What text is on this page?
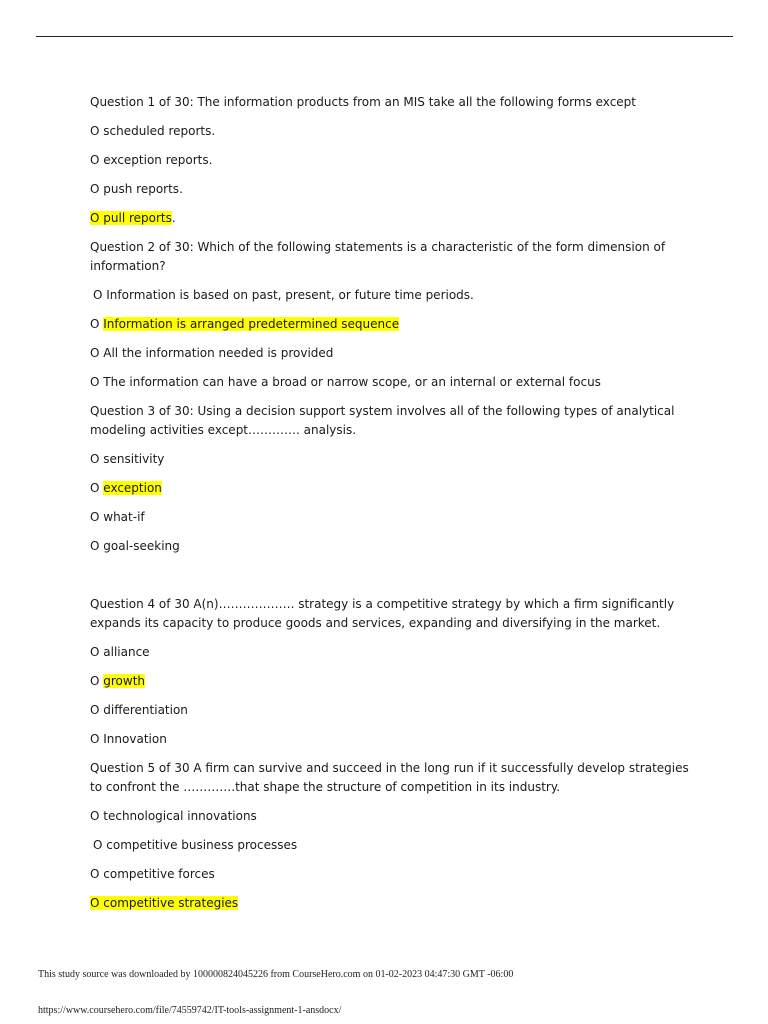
Question 1 of 30: The information products from an MIS take all the following forms except

O scheduled reports.

O exception reports.

O push reports.

O pull reports.

Question 2 of 30: Which of the following statements is a characteristic of the form dimension of information?

O Information is based on past, present, or future time periods.

O Information is arranged predetermined sequence

O All the information needed is provided

O The information can have a broad or narrow scope, or an internal or external focus

Question 3 of 30: Using a decision support system involves all of the following types of analytical modeling activities except…………. analysis.

O sensitivity

O exception

O what-if

O goal-seeking

Question 4 of 30 A(n)………………. strategy is a competitive strategy by which a firm significantly expands its capacity to produce goods and services, expanding and diversifying in the market.

O alliance

O growth

O differentiation

O Innovation

Question 5 of 30 A firm can survive and succeed in the long run if it successfully develop strategies to confront the ………….that shape the structure of competition in its industry.

O technological innovations

O competitive business processes

O competitive forces

O competitive strategies

This study source was downloaded by 100000824045226 from CourseHero.com on 01-02-2023 04:47:30 GMT -06:00
https://www.coursehero.com/file/74559742/IT-tools-assignment-1-ansdocx/
